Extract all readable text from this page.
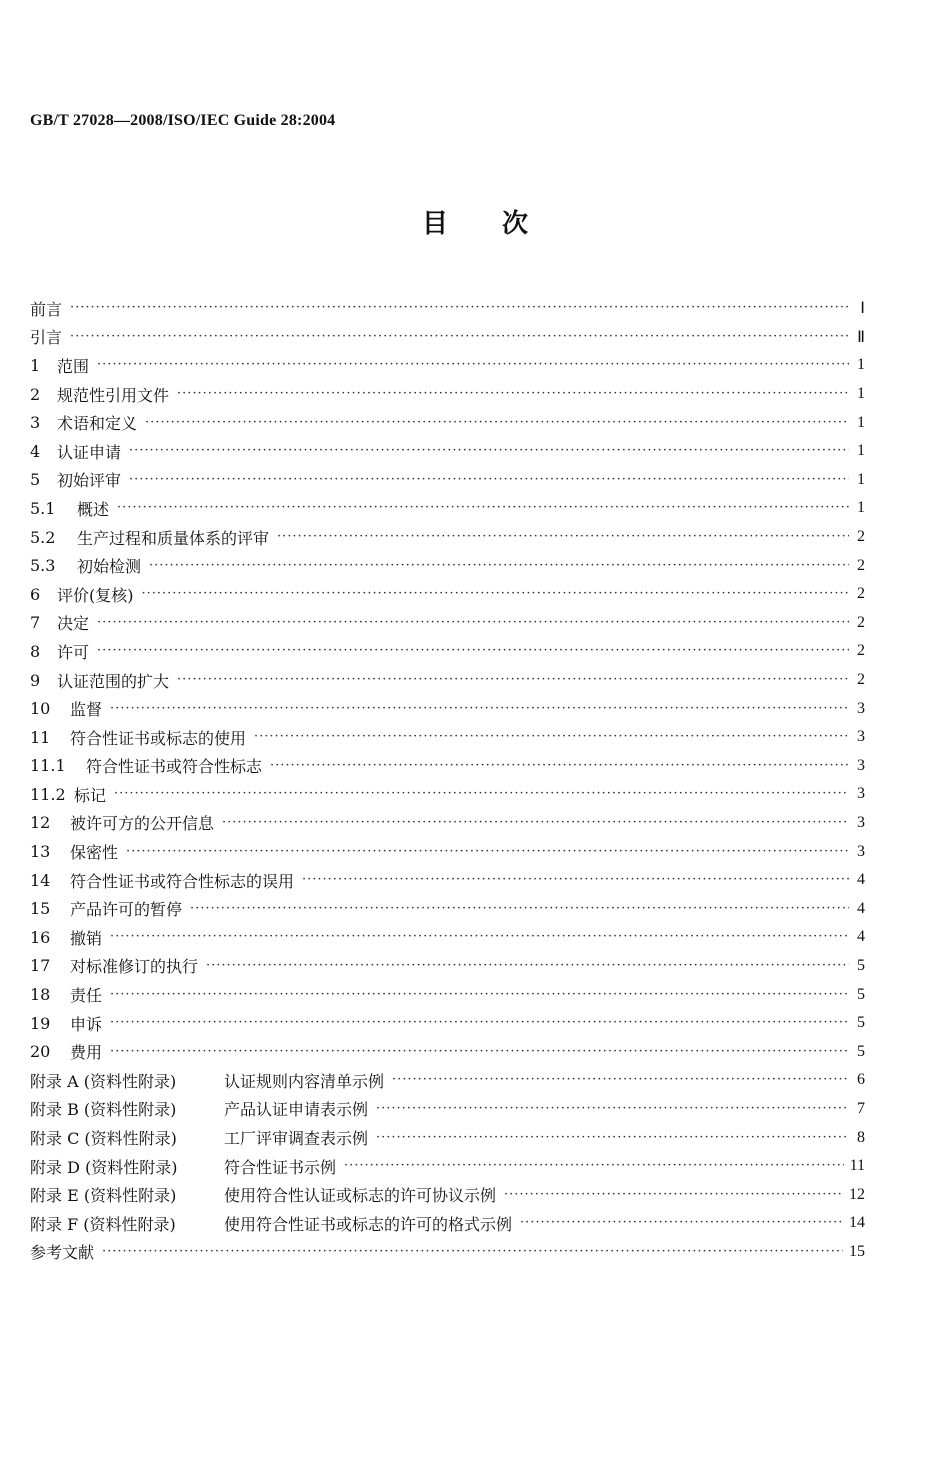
GB/T 27028—2008/ISO/IEC Guide 28:2004
目 次
前言 ·····	Ⅰ
引言 ·····	Ⅱ
1	范围 ·····	1
2	规范性引用文件 ·····	1
3	术语和定义 ·····	1
4	认证申请 ·····	1
5	初始评审 ·····	1
5.1	概述 ·····	1
5.2	生产过程和质量体系的评审 ·····	2
5.3	初始检测 ·····	2
6	评价(复核) ·····	2
7	决定 ·····	2
8	许可 ·····	2
9	认证范围的扩大 ·····	2
10	监督 ·····	3
11	符合性证书或标志的使用 ·····	3
11.1	符合性证书或符合性标志 ·····	3
11.2 标记 ·····	3
12	被许可方的公开信息 ·····	3
13	保密性 ·····	3
14	符合性证书或符合性标志的误用 ·····	4
15	产品许可的暂停 ·····	4
16	撤销 ·····	4
17	对标准修订的执行 ·····	5
18	责任 ·····	5
19	申诉 ·····	5
20	费用 ·····	5
附录 A (资料性附录)	认证规则内容清单示例 ·····	6
附录 B (资料性附录)	产品认证申请表示例 ·····	7
附录 C (资料性附录)	工厂评审调查表示例 ·····	8
附录 D (资料性附录)	符合性证书示例 ·····	11
附录 E (资料性附录)	使用符合性认证或标志的许可协议示例 ·····	12
附录 F (资料性附录)	使用符合性证书或标志的许可的格式示例 ·····	14
参考文献 ·····	15
